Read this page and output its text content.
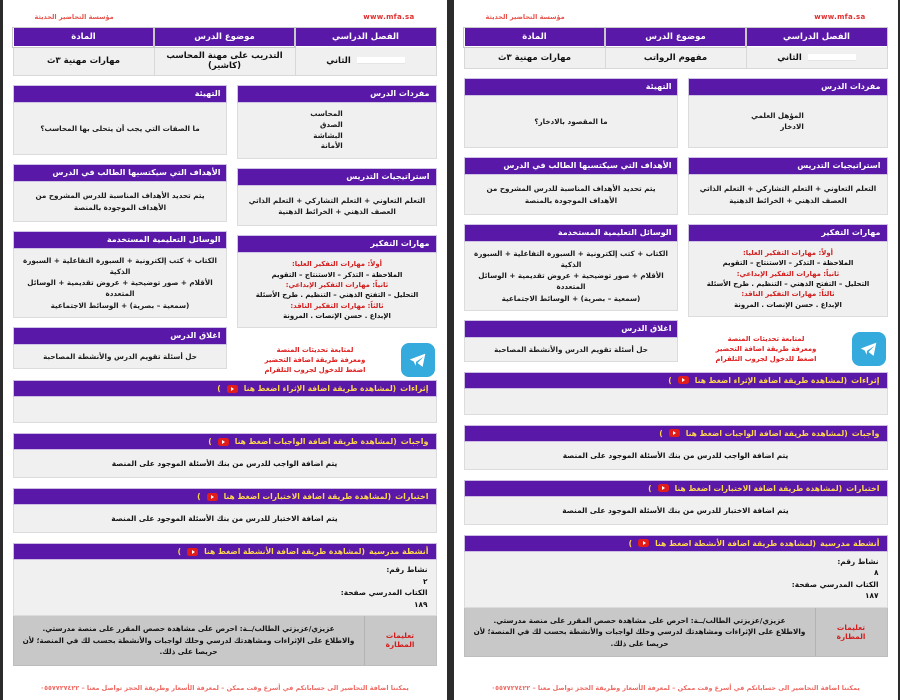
www.mfa.sa
مؤسسة التحاضير الحديثة
الفصل الدراسي	موضوع الدرس	المادة
الثاني	التدريب على مهنة المحاسب (كاشير)	مهارات مهنية ٣ث
مفردات الدرس
المحاسب
الصدق
البشاشة
الأمانة
استراتيجيات التدريس
التعلم التعاوني + التعلم التشاركي + التعلم الذاتي
العصف الذهني + الخرائط الذهنية
مهارات التفكير
أولاً: مهارات التفكير العليا:
الملاحظة – التذكر – الاستنتاج – التقويم
ثانياً: مهارات التفكير الإبداعي:
التحليل – التفتح الذهني – التنظيم . طرح الأسئلة
ثالثاً: مهارات التفكير الناقد:
الإبداع . حسن الإنصات . المرونة
لمتابعة تحديثات المنصة
ومعرفة طريقة اضافة التحضير
اضغط للدخول لجروب التلقرام
التهيئة
ما الصفات التي يجب أن يتحلى بها المحاسب؟
الأهداف التي سيكتسبها الطالب في الدرس
يتم تحديد الأهداف المناسبة للدرس المشروح من الأهداف الموجودة بالمنصة
الوسائل التعليمية المستخدمة
الكتاب + كتب إلكترونية + السبورة التفاعلية + السبورة الذكية
الأقلام + صور توضيحية + عروض تقديمية + الوسائل المتعددة
(سمعية – بصرية) + الوسائط الاجتماعية
اغلاق الدرس
حل أسئلة تقويم الدرس والأنشطة المصاحبة
إثراءات
(لمشاهدة طريقة اضافة الإثراء اضغط هنا
)
واجبات
(لمشاهدة طريقة اضافة الواجبات اضغط هنا
)
يتم اضافة الواجب للدرس من بنك الأسئلة الموجود على المنصة
اختبارات
(لمشاهدة طريقة اضافة الاختبارات اضغط هنا
)
يتم اضافة الاختبار للدرس من بنك الأسئلة الموجود على المنصة
أنشطة مدرسية
(لمشاهدة طريقة اضافة الأنشطة اضغط هنا
)
نشاط رقم:
٢
الكتاب المدرسي صفحة:
١٨٩
تعليمات المطارة
عزيزي/عزيزتي الطالب/ــة: احرص على مشاهدة حصص المقرر على منصة مدرستي.
والاطلاع على الإثراءات ومشاهدتك لدرسي وحلك لواجبات والأنشطة بحسب لك في المنصة؛ لأن حريصا على ذلك.
يمكننا اضافة التحاضير الى حساباتكم في أسرع وقت ممكن – لمعرفة الأسعار وطريقة الحجز تواصل معنا – ٠٥٥٧٧٢٧٤٢٢
www.mfa.sa
مؤسسة التحاضير الحديثة
الفصل الدراسي	موضوع الدرس	المادة
الثاني	مفهوم الرواتب	مهارات مهنية ٣ث
مفردات الدرس
المؤهل العلمي
الادخار
استراتيجيات التدريس
التعلم التعاوني + التعلم التشاركي + التعلم الذاتي
العصف الذهني + الخرائط الذهنية
مهارات التفكير
أولاً: مهارات التفكير العليا:
الملاحظة – التذكر – الاستنتاج – التقويم
ثانياً: مهارات التفكير الإبداعي:
التحليل – التفتح الذهني – التنظيم . طرح الأسئلة
ثالثاً: مهارات التفكير الناقد:
الإبداع . حسن الإنصات . المرونة
لمتابعة تحديثات المنصة
ومعرفة طريقة اضافة التحضير
اضغط للدخول لجروب التلقرام
التهيئة
ما المقصود بالادخار؟
الأهداف التي سيكتسبها الطالب في الدرس
يتم تحديد الأهداف المناسبة للدرس المشروح من الأهداف الموجودة بالمنصة
الوسائل التعليمية المستخدمة
الكتاب + كتب إلكترونية + السبورة التفاعلية + السبورة الذكية
الأقلام + صور توضيحية + عروض تقديمية + الوسائل المتعددة
(سمعية – بصرية) + الوسائط الاجتماعية
اغلاق الدرس
حل أسئلة تقويم الدرس والأنشطة المصاحبة
إثراءات
(لمشاهدة طريقة اضافة الإثراء اضغط هنا
)
واجبات
(لمشاهدة طريقة اضافة الواجبات اضغط هنا
)
يتم اضافة الواجب للدرس من بنك الأسئلة الموجود على المنصة
اختبارات
(لمشاهدة طريقة اضافة الاختبارات اضغط هنا
)
يتم اضافة الاختبار للدرس من بنك الأسئلة الموجود على المنصة
أنشطة مدرسية
(لمشاهدة طريقة اضافة الأنشطة اضغط هنا
)
نشاط رقم:
٨
الكتاب المدرسي صفحة:
١٨٧
تعليمات المطارة
عزيزي/عزيزتي الطالب/ــة: احرص على مشاهدة حصص المقرر على منصة مدرستي.
والاطلاع على الإثراءات ومشاهدتك لدرسي وحلك لواجبات والأنشطة بحسب لك في المنصة؛ لأن حريصا على ذلك.
يمكننا اضافة التحاضير الى حساباتكم في أسرع وقت ممكن – لمعرفة الأسعار وطريقة الحجز تواصل معنا – ٠٥٥٧٧٢٧٤٢٢
